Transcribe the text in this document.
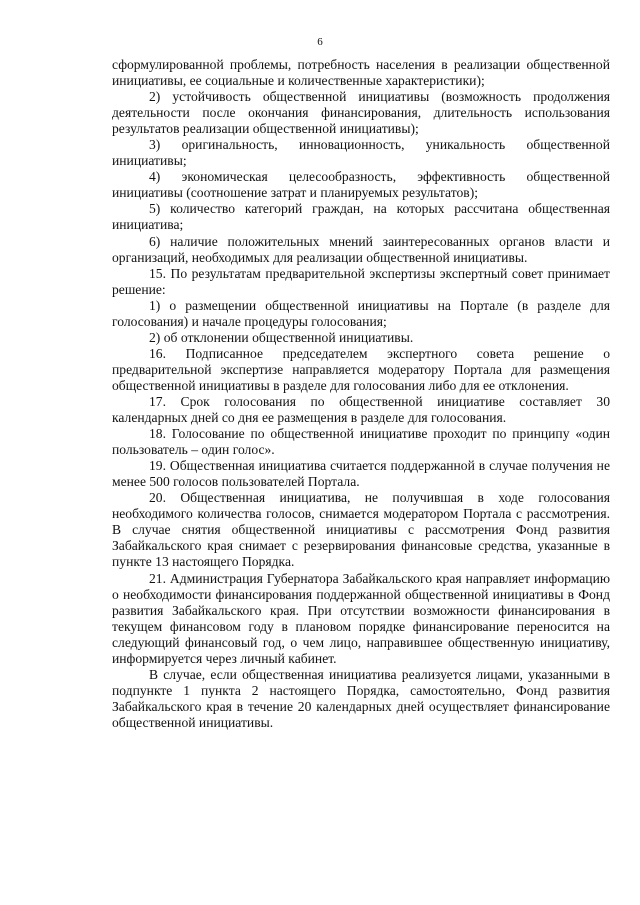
6

сформулированной проблемы, потребность населения в реализации общественной инициативы, ее социальные и количественные характеристики);

2) устойчивость общественной инициативы (возможность продолжения деятельности после окончания финансирования, длительность использования результатов реализации общественной инициативы);

3) оригинальность, инновационность, уникальность общественной инициативы;

4) экономическая целесообразность, эффективность общественной инициативы (соотношение затрат и планируемых результатов);

5) количество категорий граждан, на которых рассчитана общественная инициатива;

6) наличие положительных мнений заинтересованных органов власти и организаций, необходимых для реализации общественной инициативы.

15. По результатам предварительной экспертизы экспертный совет принимает решение:

1) о размещении общественной инициативы на Портале (в разделе для голосования) и начале процедуры голосования;

2) об отклонении общественной инициативы.

16. Подписанное председателем экспертного совета решение о предварительной экспертизе направляется модератору Портала для размещения общественной инициативы в разделе для голосования либо для ее отклонения.

17. Срок голосования по общественной инициативе составляет 30 календарных дней со дня ее размещения в разделе для голосования.

18. Голосование по общественной инициативе проходит по принципу «один пользователь – один голос».

19. Общественная инициатива считается поддержанной в случае получения не менее 500 голосов пользователей Портала.

20. Общественная инициатива, не получившая в ходе голосования необходимого количества голосов, снимается модератором Портала с рассмотрения. В случае снятия общественной инициативы с рассмотрения Фонд развития Забайкальского края снимает с резервирования финансовые средства, указанные в пункте 13 настоящего Порядка.

21. Администрация Губернатора Забайкальского края направляет информацию о необходимости финансирования поддержанной общественной инициативы в Фонд развития Забайкальского края. При отсутствии возможности финансирования в текущем финансовом году в плановом порядке финансирование переносится на следующий финансовый год, о чем лицо, направившее общественную инициативу, информируется через личный кабинет.

В случае, если общественная инициатива реализуется лицами, указанными в подпункте 1 пункта 2 настоящего Порядка, самостоятельно, Фонд развития Забайкальского края в течение 20 календарных дней осуществляет финансирование общественной инициативы.
